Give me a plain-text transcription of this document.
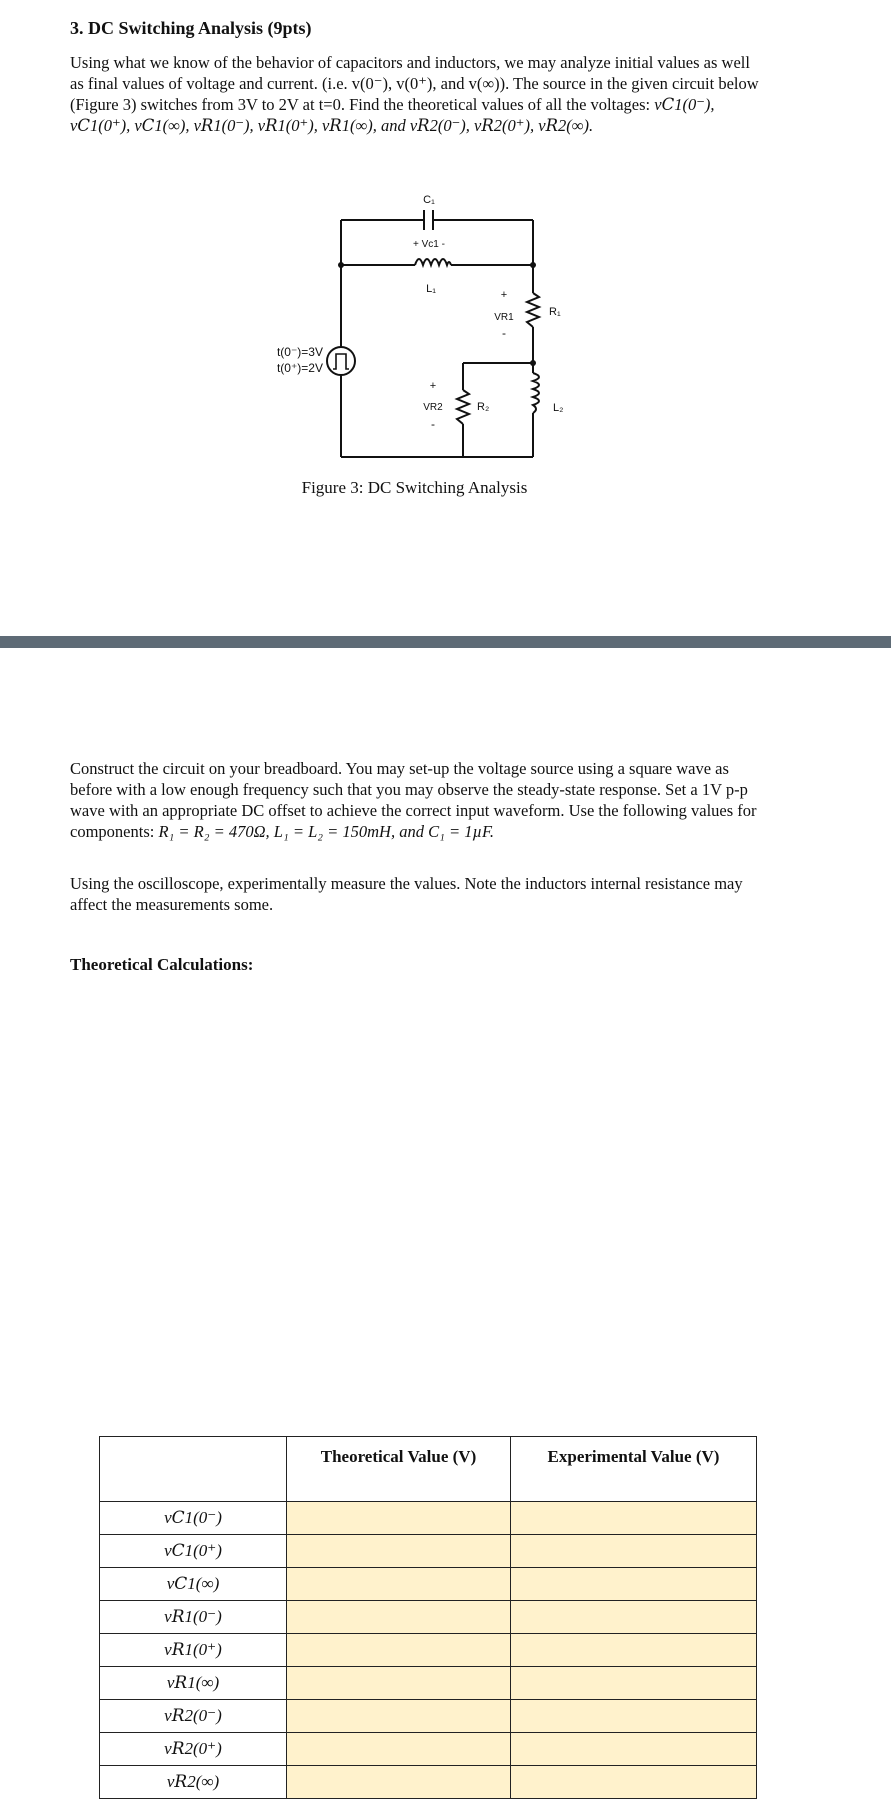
3. DC Switching Analysis (9pts)

Using what we know of the behavior of capacitors and inductors, we may analyze initial values as well as final values of voltage and current. (i.e. v(0⁻), v(0⁺), and v(∞)). The source in the given circuit below (Figure 3) switches from 3V to 2V at t=0. Find the theoretical values of all the voltages: v𝐶1(0⁻), v𝐶1(0⁺), v𝐶1(∞), v𝑅1(0⁻), v𝑅1(0⁺), v𝑅1(∞), and v𝑅2(0⁻), v𝑅2(0⁺), v𝑅2(∞).

C₁
+ Vc1 -
L₁	+
VR1
-
R₁
+
VR2
-
R₂	L₂
t(0⁻)=3V
t(0⁺)=2V
Figure 3: DC Switching Analysis

Construct the circuit on your breadboard. You may set-up the voltage source using a square wave as before with a low enough frequency such that you may observe the steady-state response. Set a 1V p-p wave with an appropriate DC offset to achieve the correct input waveform. Use the following values for components: R₁ = R₂ = 470Ω, L₁ = L₂ = 150mH, and C₁ = 1µF.

Using the oscilloscope, experimentally measure the values. Note the inductors internal resistance may affect the measurements some.

Theoretical Calculations:
	Theoretical Value (V)	Experimental Value (V)
v𝐶1(0⁻)		
v𝐶1(0⁺)		
v𝐶1(∞)		
v𝑅1(0⁻)		
v𝑅1(0⁺)		
v𝑅1(∞)		
v𝑅2(0⁻)		
v𝑅2(0⁺)		
v𝑅2(∞)		
